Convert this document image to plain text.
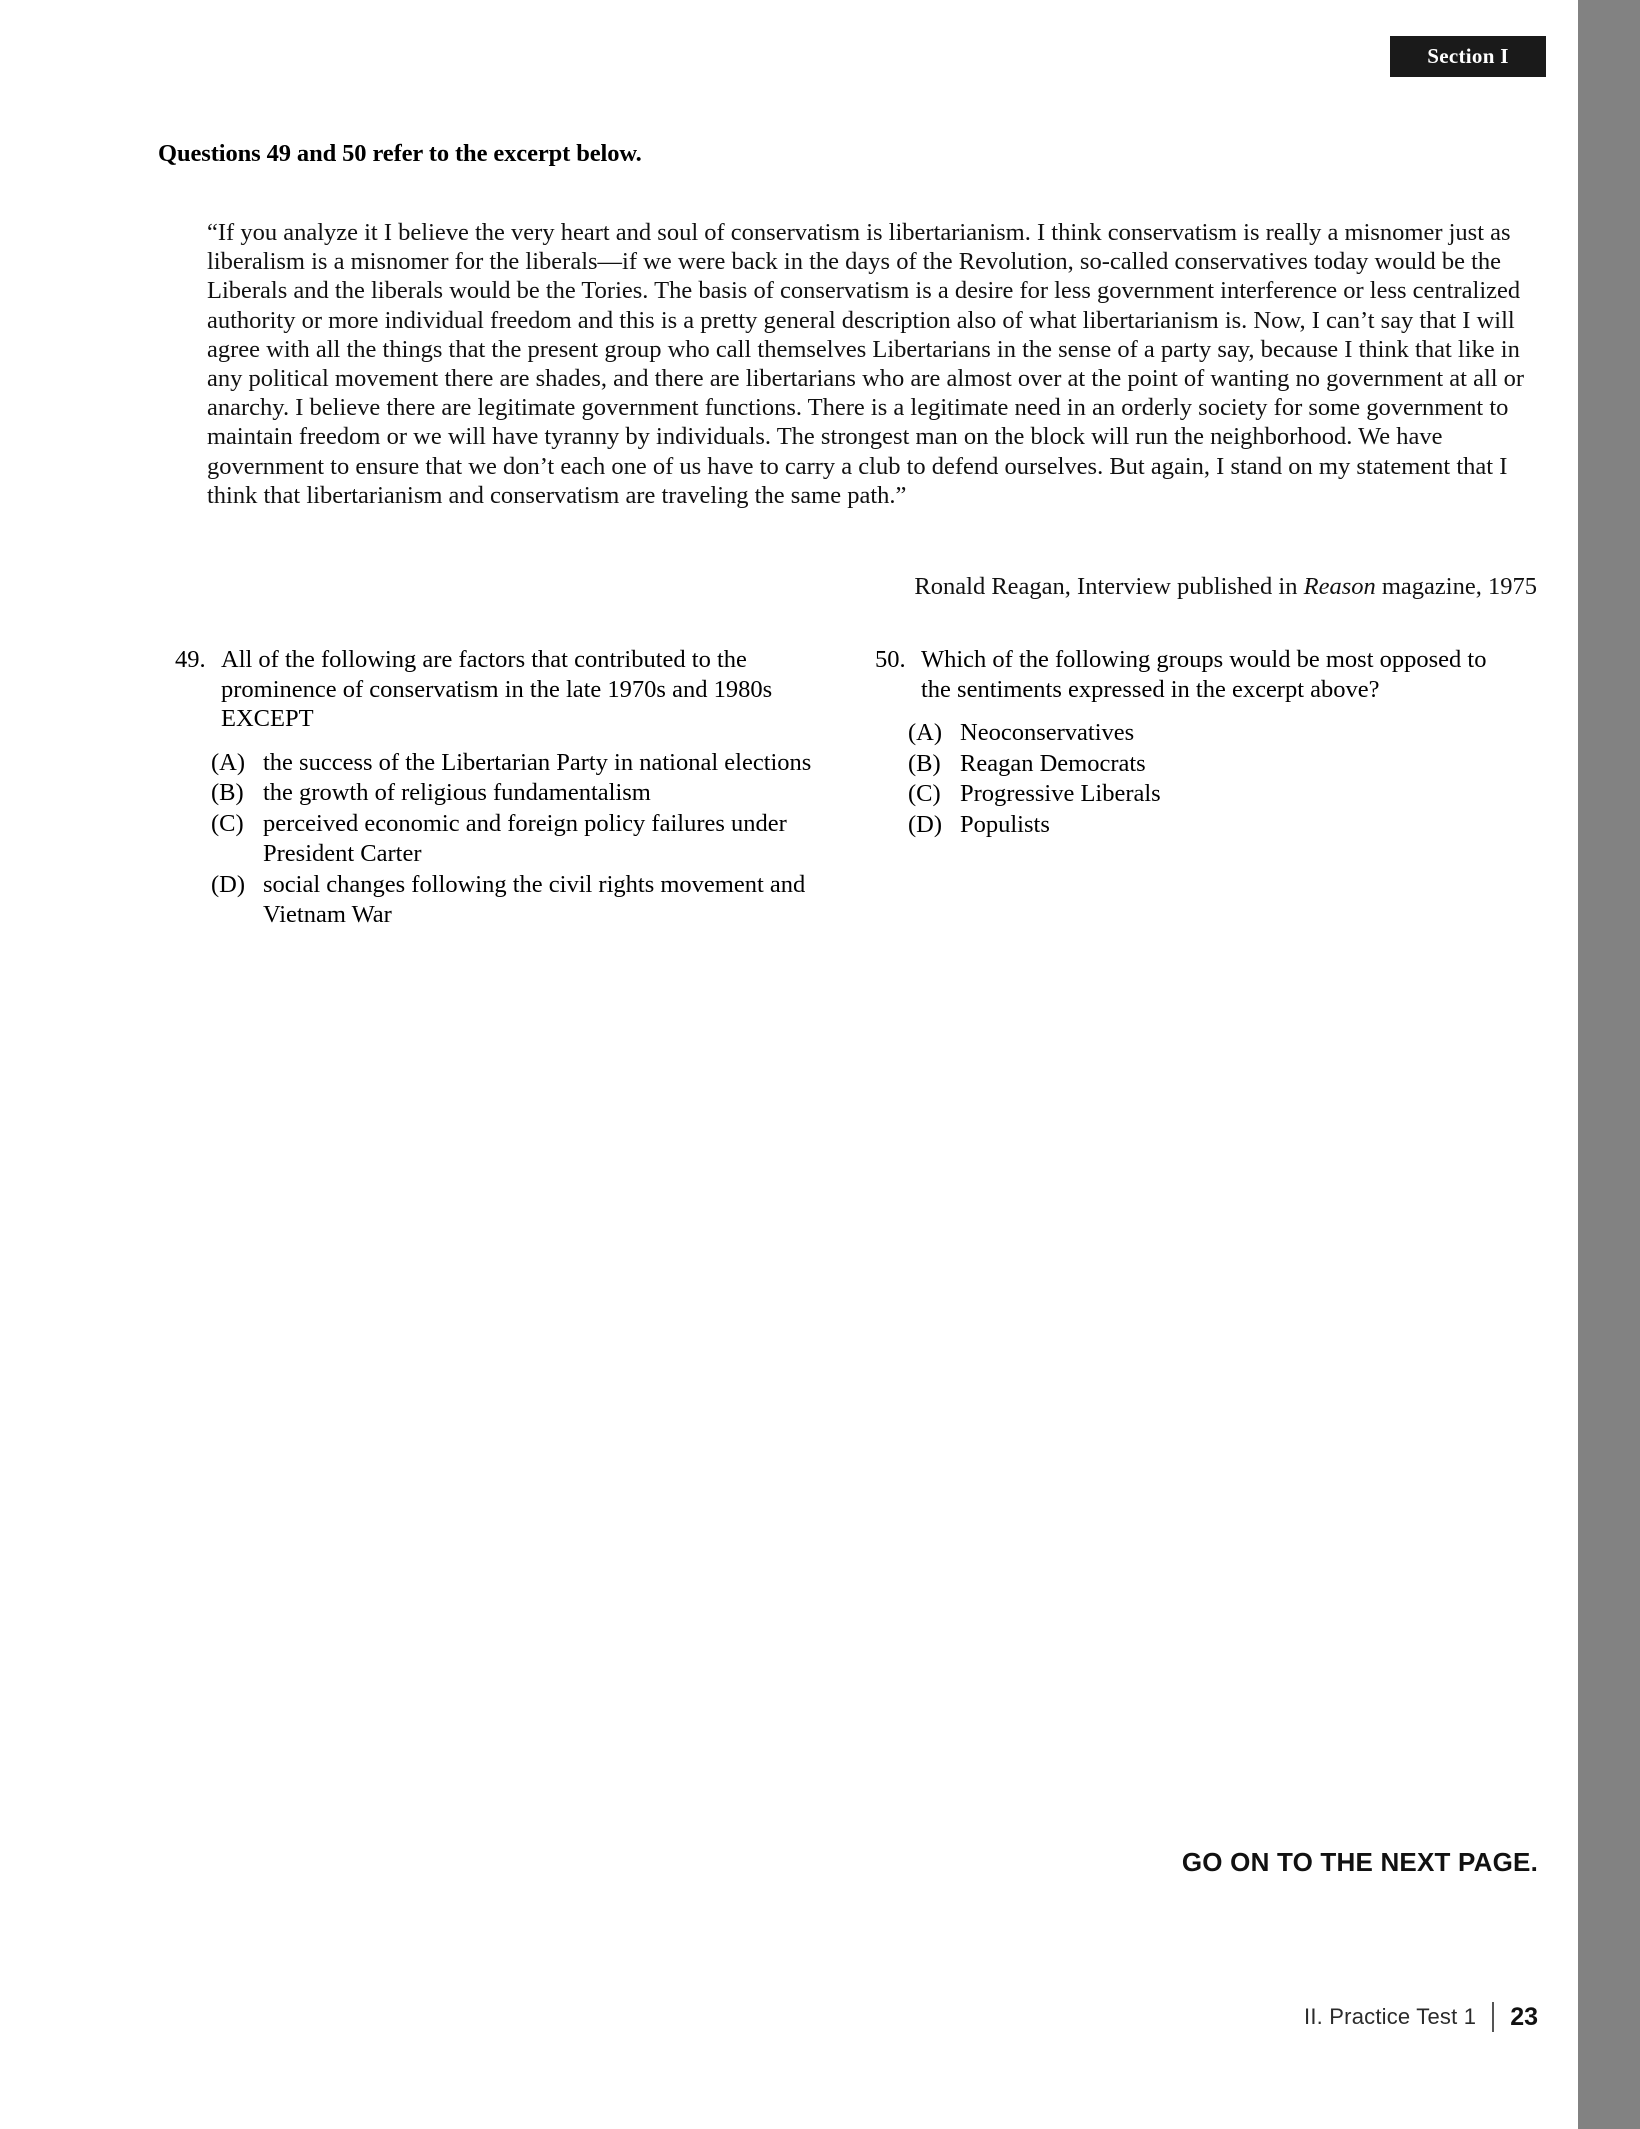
Section I
Questions 49 and 50 refer to the excerpt below.
“If you analyze it I believe the very heart and soul of conservatism is libertarianism. I think conservatism is really a misnomer just as liberalism is a misnomer for the liberals—if we were back in the days of the Revolution, so-called conservatives today would be the Liberals and the liberals would be the Tories. The basis of conservatism is a desire for less government interference or less centralized authority or more individual freedom and this is a pretty general description also of what libertarianism is. Now, I can’t say that I will agree with all the things that the present group who call themselves Libertarians in the sense of a party say, because I think that like in any political movement there are shades, and there are libertarians who are almost over at the point of wanting no government at all or anarchy. I believe there are legitimate government functions. There is a legitimate need in an orderly society for some government to maintain freedom or we will have tyranny by individuals. The strongest man on the block will run the neighborhood. We have government to ensure that we don’t each one of us have to carry a club to defend ourselves. But again, I stand on my statement that I think that libertarianism and conservatism are traveling the same path.”
Ronald Reagan, Interview published in Reason magazine, 1975
49. All of the following are factors that contributed to the prominence of conservatism in the late 1970s and 1980s EXCEPT
(A) the success of the Libertarian Party in national elections
(B) the growth of religious fundamentalism
(C) perceived economic and foreign policy failures under President Carter
(D) social changes following the civil rights movement and Vietnam War
50. Which of the following groups would be most opposed to the sentiments expressed in the excerpt above?
(A) Neoconservatives
(B) Reagan Democrats
(C) Progressive Liberals
(D) Populists
GO ON TO THE NEXT PAGE.
II. Practice Test 1 23
